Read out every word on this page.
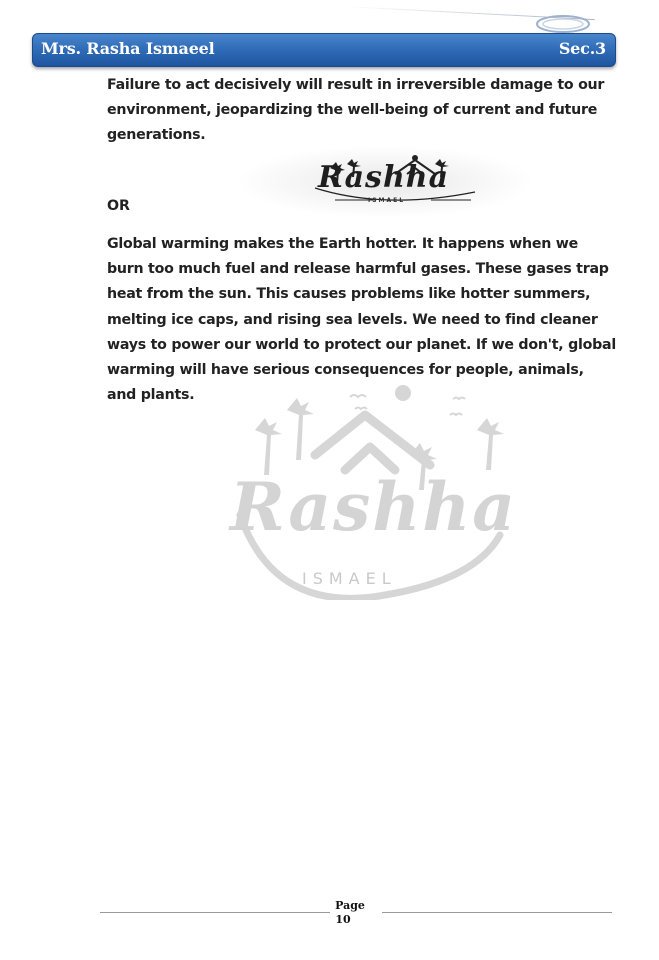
Mrs. Rasha Ismaeel	Sec.3

Failure to act decisively will result in irreversible damage to our environment, jeopardizing the well-being of current and future generations.

Rashha
ISMAEL

OR

Global warming makes the Earth hotter. It happens when we burn too much fuel and release harmful gases. These gases trap heat from the sun. This causes problems like hotter summers, melting ice caps, and rising sea levels. We need to find cleaner ways to power our world to protect our planet. If we don't, global warming will have serious consequences for people, animals, and plants.

Rashha
ISMAEL
Page
10
